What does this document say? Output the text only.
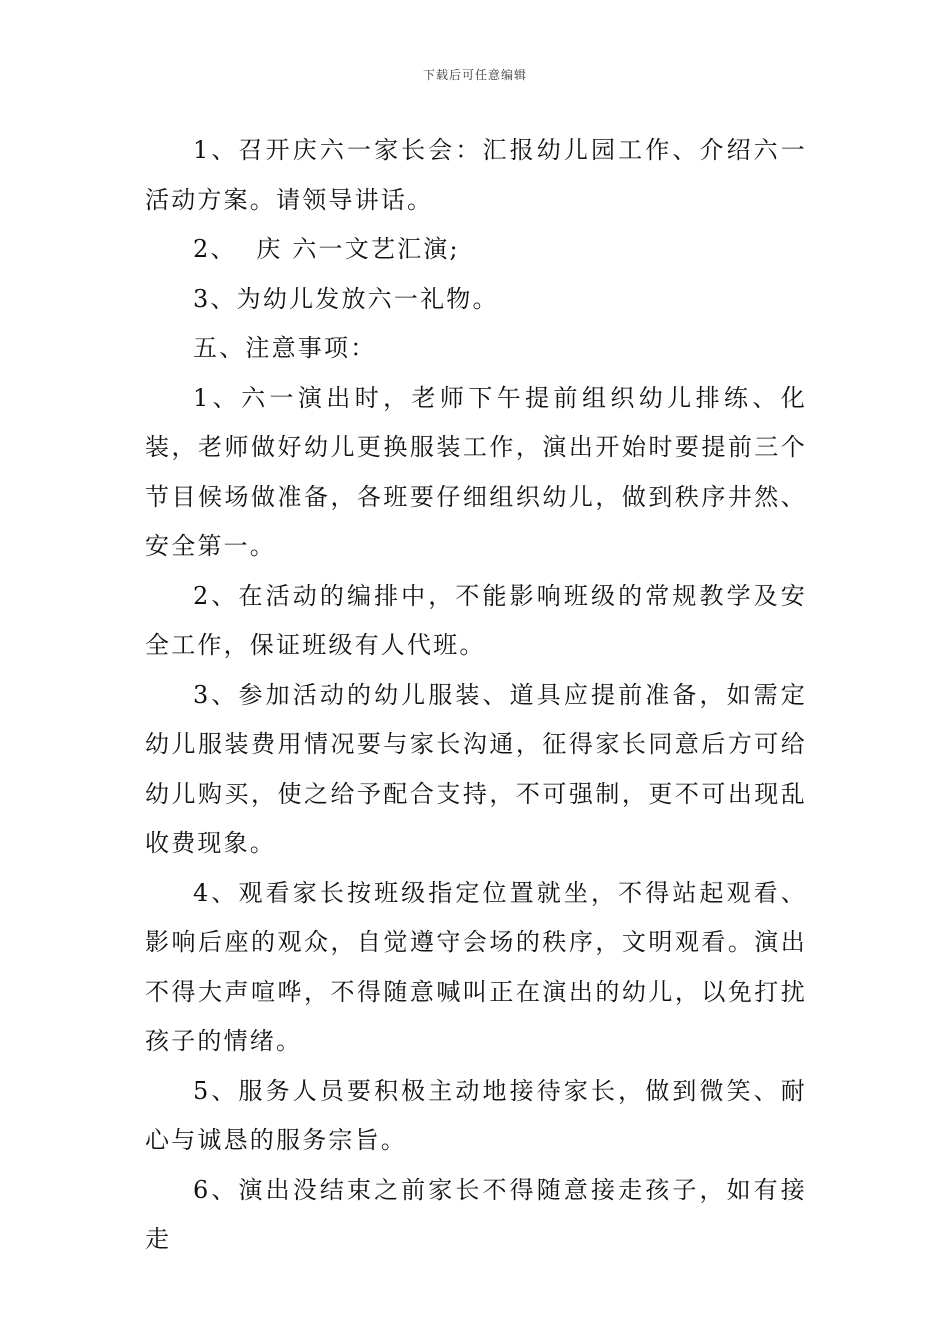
下载后可任意编辑

1、召开庆六一家长会：汇报幼儿园工作、介绍六一活动方案。请领导讲话。

2、  庆 六一文艺汇演;

3、为幼儿发放六一礼物。

五、注意事项：

1、六一演出时，老师下午提前组织幼儿排练、化装，老师做好幼儿更换服装工作，演出开始时要提前三个节目候场做准备，各班要仔细组织幼儿，做到秩序井然、安全第一。

2、在活动的编排中，不能影响班级的常规教学及安全工作，保证班级有人代班。

3、参加活动的幼儿服装、道具应提前准备，如需定幼儿服装费用情况要与家长沟通，征得家长同意后方可给幼儿购买，使之给予配合支持，不可强制，更不可出现乱收费现象。

4、观看家长按班级指定位置就坐，不得站起观看、影响后座的观众，自觉遵守会场的秩序，文明观看。演出不得大声喧哗，不得随意喊叫正在演出的幼儿，以免打扰孩子的情绪。

5、服务人员要积极主动地接待家长，做到微笑、耐心与诚恳的服务宗旨。

6、演出没结束之前家长不得随意接走孩子，如有接走
